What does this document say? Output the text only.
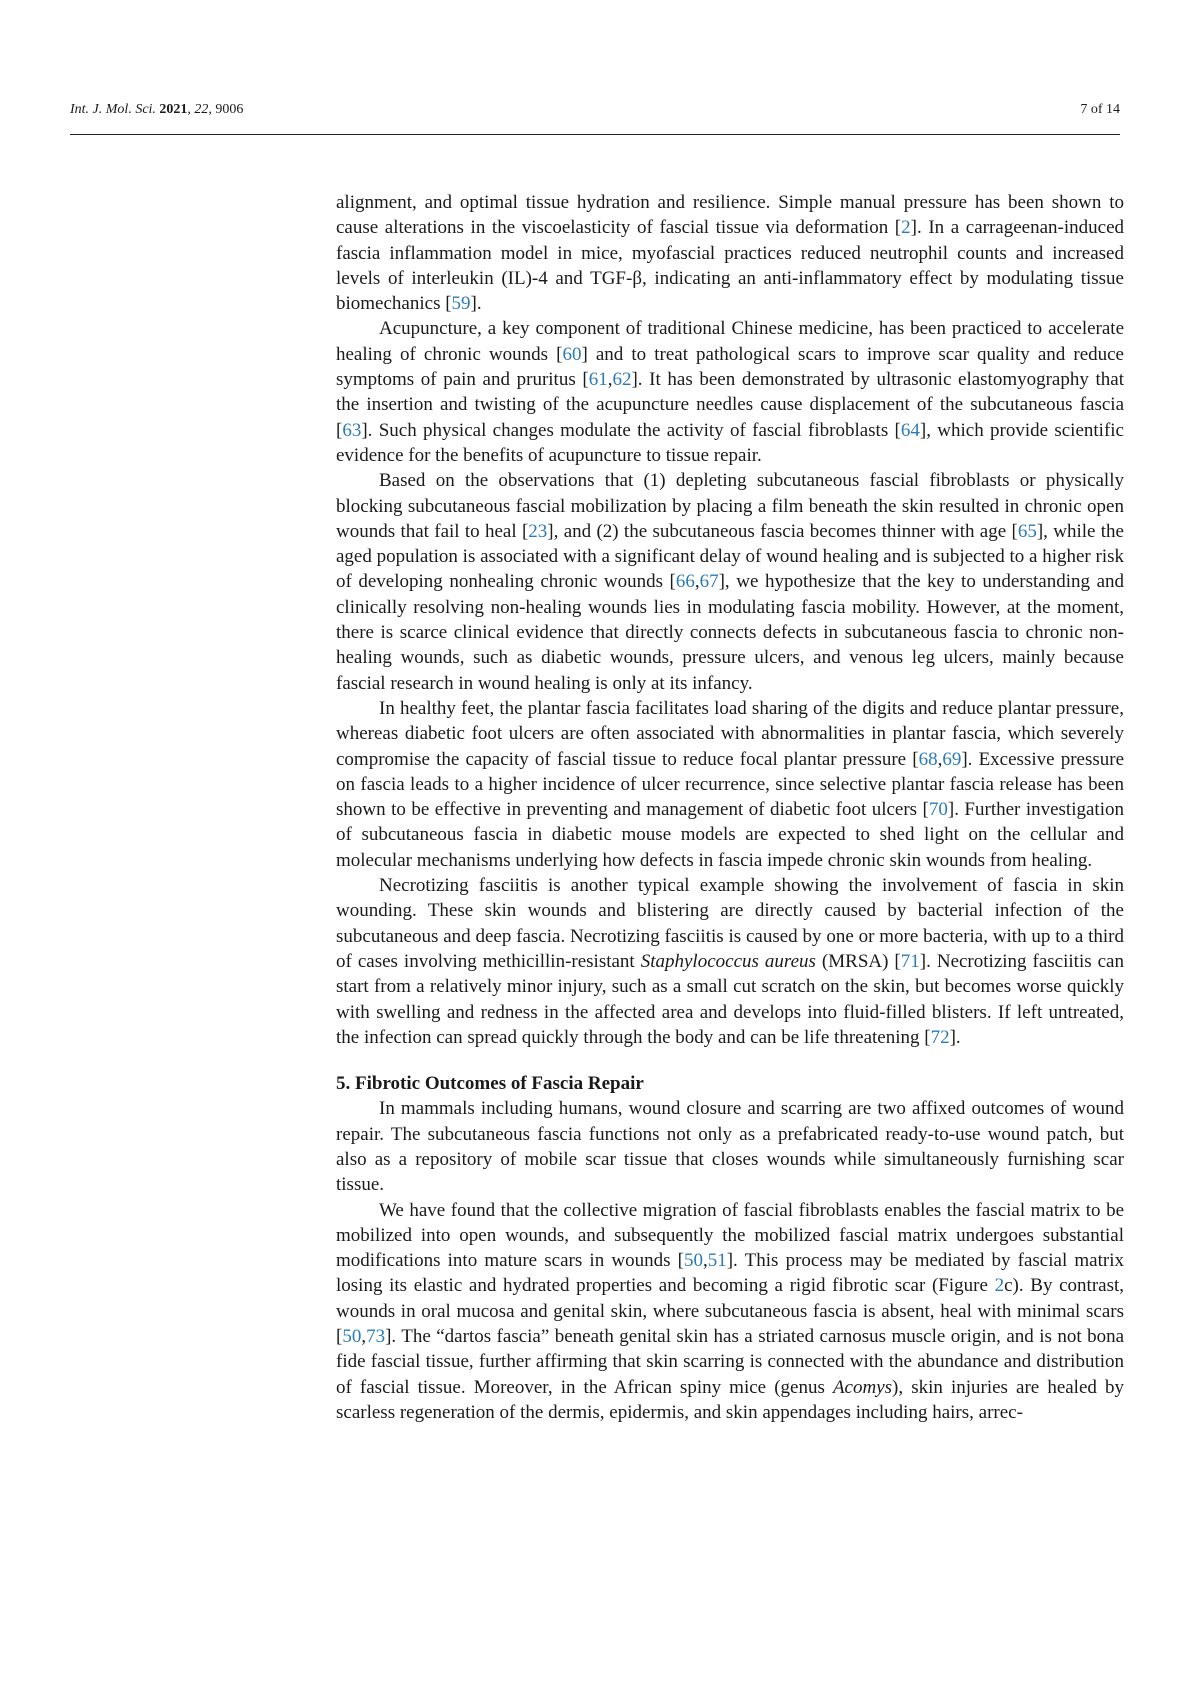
Int. J. Mol. Sci. 2021, 22, 9006	7 of 14

alignment, and optimal tissue hydration and resilience. Simple manual pressure has been shown to cause alterations in the viscoelasticity of fascial tissue via deformation [2]. In a carrageenan-induced fascia inflammation model in mice, myofascial practices reduced neutrophil counts and increased levels of interleukin (IL)-4 and TGF-β, indicating an anti-inflammatory effect by modulating tissue biomechanics [59].

Acupuncture, a key component of traditional Chinese medicine, has been practiced to accelerate healing of chronic wounds [60] and to treat pathological scars to improve scar quality and reduce symptoms of pain and pruritus [61,62]. It has been demonstrated by ultrasonic elastomyography that the insertion and twisting of the acupuncture needles cause displacement of the subcutaneous fascia [63]. Such physical changes modulate the activity of fascial fibroblasts [64], which provide scientific evidence for the benefits of acupuncture to tissue repair.

Based on the observations that (1) depleting subcutaneous fascial fibroblasts or physically blocking subcutaneous fascial mobilization by placing a film beneath the skin resulted in chronic open wounds that fail to heal [23], and (2) the subcutaneous fascia becomes thinner with age [65], while the aged population is associated with a significant delay of wound healing and is subjected to a higher risk of developing nonhealing chronic wounds [66,67], we hypothesize that the key to understanding and clinically resolving non-healing wounds lies in modulating fascia mobility. However, at the moment, there is scarce clinical evidence that directly connects defects in subcutaneous fascia to chronic non-healing wounds, such as diabetic wounds, pressure ulcers, and venous leg ulcers, mainly because fascial research in wound healing is only at its infancy.

In healthy feet, the plantar fascia facilitates load sharing of the digits and reduce plantar pressure, whereas diabetic foot ulcers are often associated with abnormalities in plantar fascia, which severely compromise the capacity of fascial tissue to reduce focal plantar pressure [68,69]. Excessive pressure on fascia leads to a higher incidence of ulcer recurrence, since selective plantar fascia release has been shown to be effective in preventing and management of diabetic foot ulcers [70]. Further investigation of subcutaneous fascia in diabetic mouse models are expected to shed light on the cellular and molecular mechanisms underlying how defects in fascia impede chronic skin wounds from healing.

Necrotizing fasciitis is another typical example showing the involvement of fascia in skin wounding. These skin wounds and blistering are directly caused by bacterial infection of the subcutaneous and deep fascia. Necrotizing fasciitis is caused by one or more bacteria, with up to a third of cases involving methicillin-resistant Staphylococcus aureus (MRSA) [71]. Necrotizing fasciitis can start from a relatively minor injury, such as a small cut scratch on the skin, but becomes worse quickly with swelling and redness in the affected area and develops into fluid-filled blisters. If left untreated, the infection can spread quickly through the body and can be life threatening [72].

5. Fibrotic Outcomes of Fascia Repair

In mammals including humans, wound closure and scarring are two affixed outcomes of wound repair. The subcutaneous fascia functions not only as a prefabricated ready-to-use wound patch, but also as a repository of mobile scar tissue that closes wounds while simultaneously furnishing scar tissue.

We have found that the collective migration of fascial fibroblasts enables the fascial matrix to be mobilized into open wounds, and subsequently the mobilized fascial matrix undergoes substantial modifications into mature scars in wounds [50,51]. This process may be mediated by fascial matrix losing its elastic and hydrated properties and becoming a rigid fibrotic scar (Figure 2c). By contrast, wounds in oral mucosa and genital skin, where subcutaneous fascia is absent, heal with minimal scars [50,73]. The “dartos fascia” beneath genital skin has a striated carnosus muscle origin, and is not bona fide fascial tissue, further affirming that skin scarring is connected with the abundance and distribution of fascial tissue. Moreover, in the African spiny mice (genus Acomys), skin injuries are healed by scarless regeneration of the dermis, epidermis, and skin appendages including hairs, arrec-
